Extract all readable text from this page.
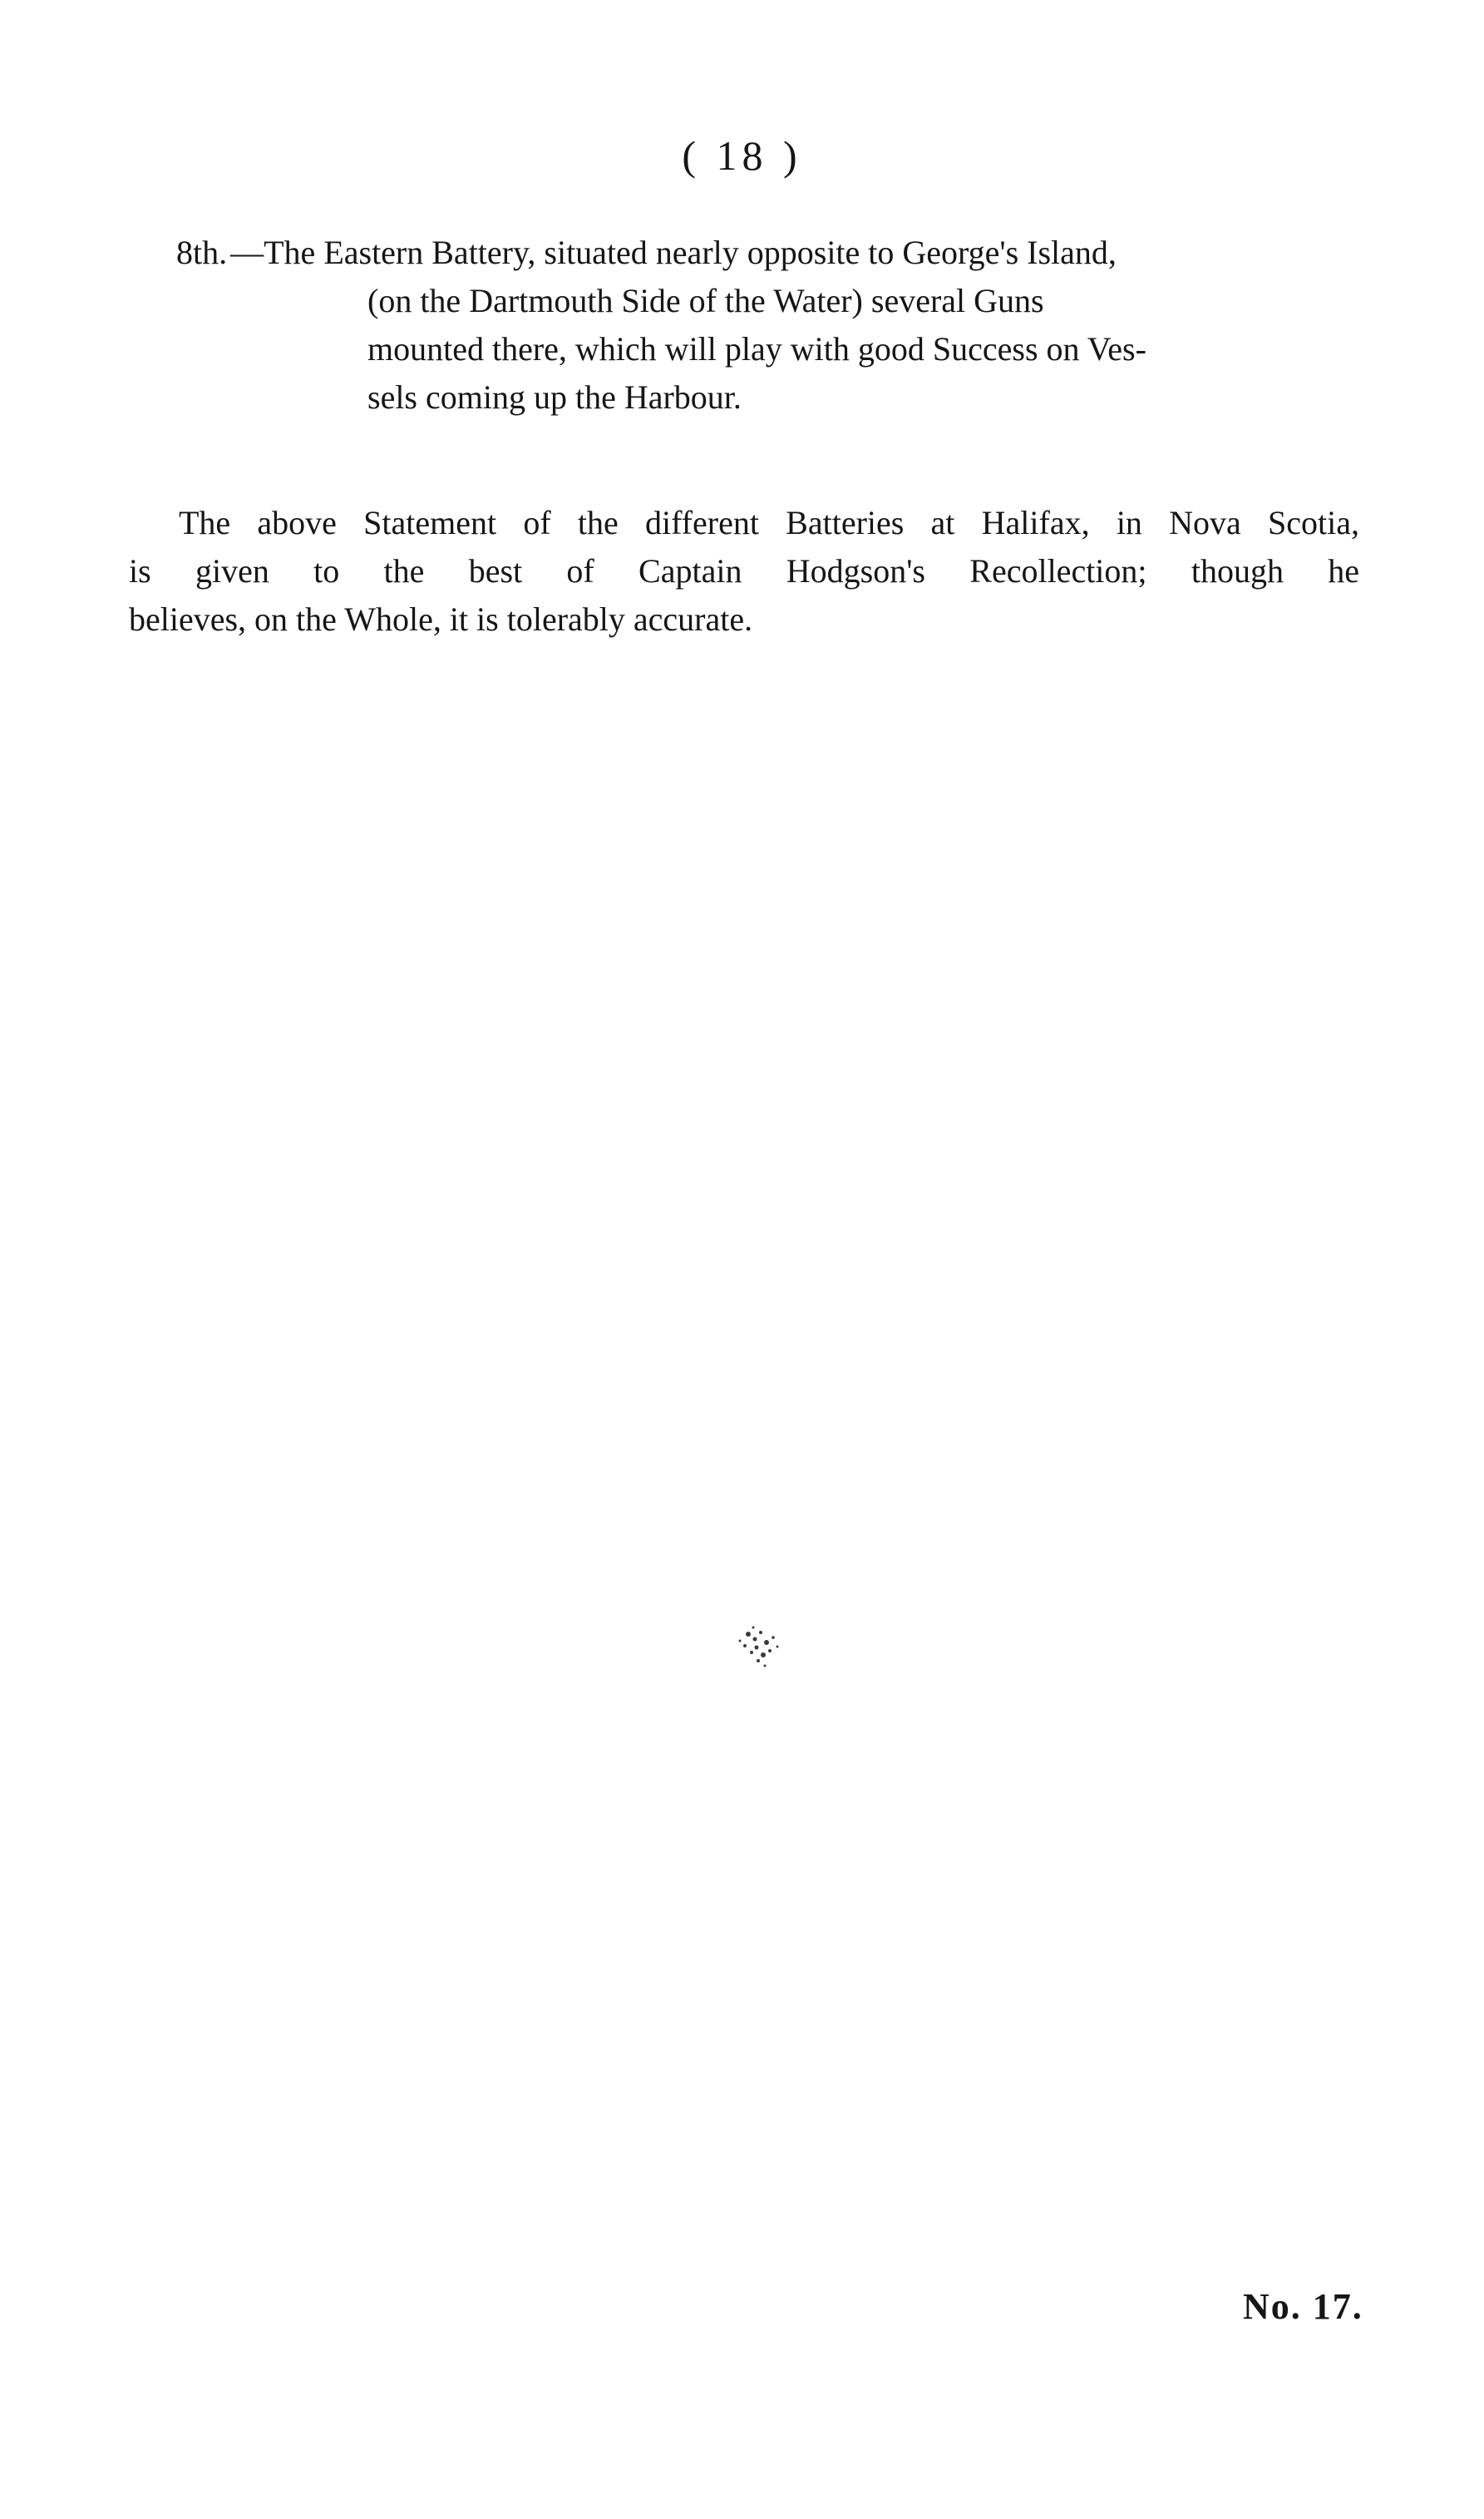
( 18 )
8th. —The Eastern Battery, situated nearly opposite to George's Island,
(on the Dartmouth Side of the Water) several Guns
mounted there, which will play with good Success on Ves-
sels coming up the Harbour.
The above Statement of the different Batteries at Halifax, in Nova Scotia,
is given to the best of Captain Hodgson's Recollection; though he
believes, on the Whole, it is tolerably accurate.
No. 17.
